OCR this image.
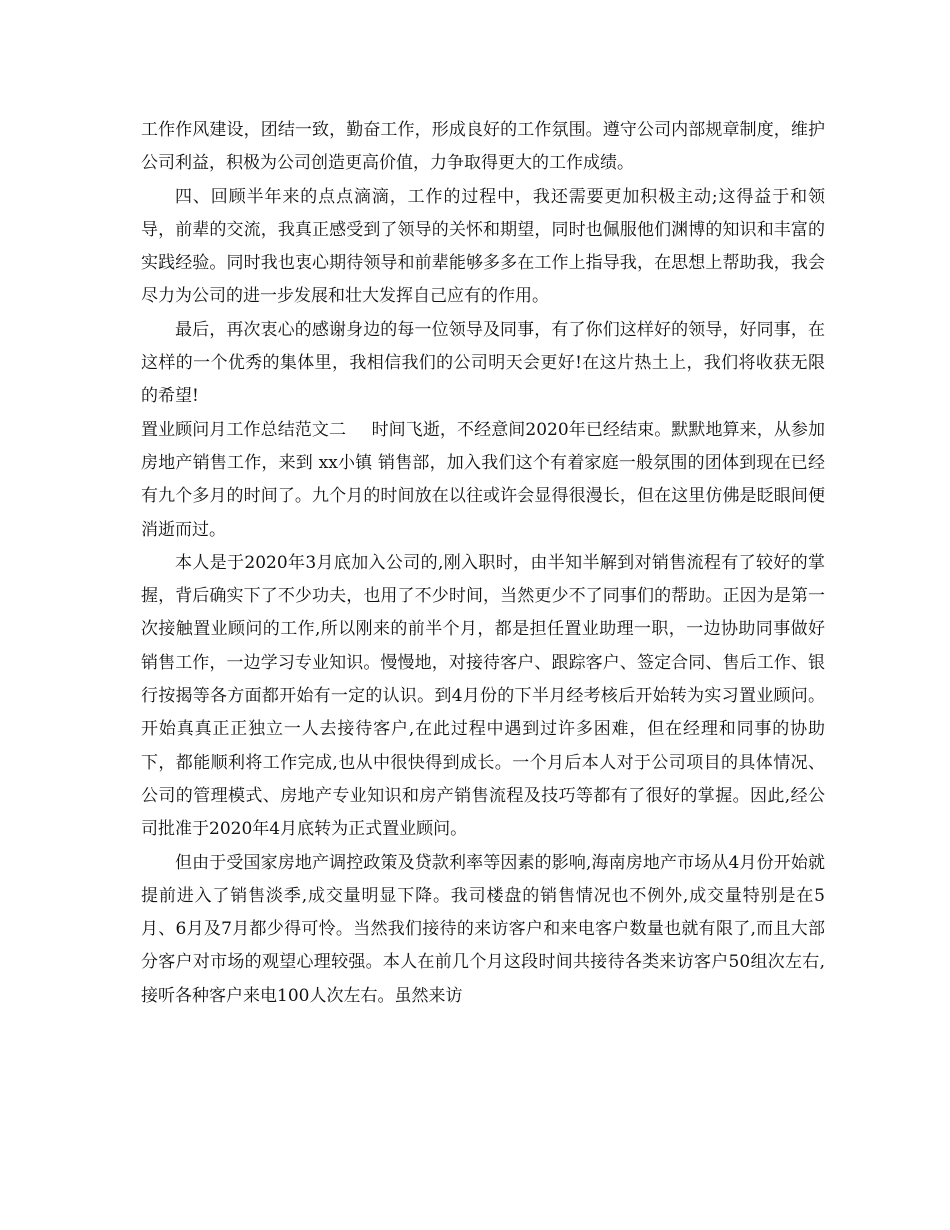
工作作风建设，团结一致，勤奋工作，形成良好的工作氛围。遵守公司内部规章制度，维护公司利益，积极为公司创造更高价值，力争取得更大的工作成绩。

四、回顾半年来的点点滴滴，工作的过程中，我还需要更加积极主动;这得益于和领导，前辈的交流，我真正感受到了领导的关怀和期望，同时也佩服他们渊博的知识和丰富的实践经验。同时我也衷心期待领导和前辈能够多多在工作上指导我，在思想上帮助我，我会尽力为公司的进一步发展和壮大发挥自己应有的作用。

最后，再次衷心的感谢身边的每一位领导及同事，有了你们这样好的领导，好同事，在这样的一个优秀的集体里，我相信我们的公司明天会更好!在这片热土上，我们将收获无限的希望!

置业顾问月工作总结范文二 时间飞逝，不经意间2020年已经结束。默默地算来，从参加房地产销售工作，来到 xx小镇 销售部，加入我们这个有着家庭一般氛围的团体到现在已经有九个多月的时间了。九个月的时间放在以往或许会显得很漫长，但在这里仿佛是眨眼间便消逝而过。

本人是于2020年3月底加入公司的,刚入职时，由半知半解到对销售流程有了较好的掌握，背后确实下了不少功夫，也用了不少时间，当然更少不了同事们的帮助。正因为是第一次接触置业顾问的工作,所以刚来的前半个月，都是担任置业助理一职，一边协助同事做好销售工作，一边学习专业知识。慢慢地，对接待客户、跟踪客户、签定合同、售后工作、银行按揭等各方面都开始有一定的认识。到4月份的下半月经考核后开始转为实习置业顾问。开始真真正正独立一人去接待客户,在此过程中遇到过许多困难，但在经理和同事的协助下，都能顺利将工作完成,也从中很快得到成长。一个月后本人对于公司项目的具体情况、公司的管理模式、房地产专业知识和房产销售流程及技巧等都有了很好的掌握。因此,经公司批准于2020年4月底转为正式置业顾问。

但由于受国家房地产调控政策及贷款利率等因素的影响,海南房地产市场从4月份开始就提前进入了销售淡季,成交量明显下降。我司楼盘的销售情况也不例外,成交量特别是在5月、6月及7月都少得可怜。当然我们接待的来访客户和来电客户数量也就有限了,而且大部分客户对市场的观望心理较强。本人在前几个月这段时间共接待各类来访客户50组次左右,接听各种客户来电100人次左右。虽然来访
